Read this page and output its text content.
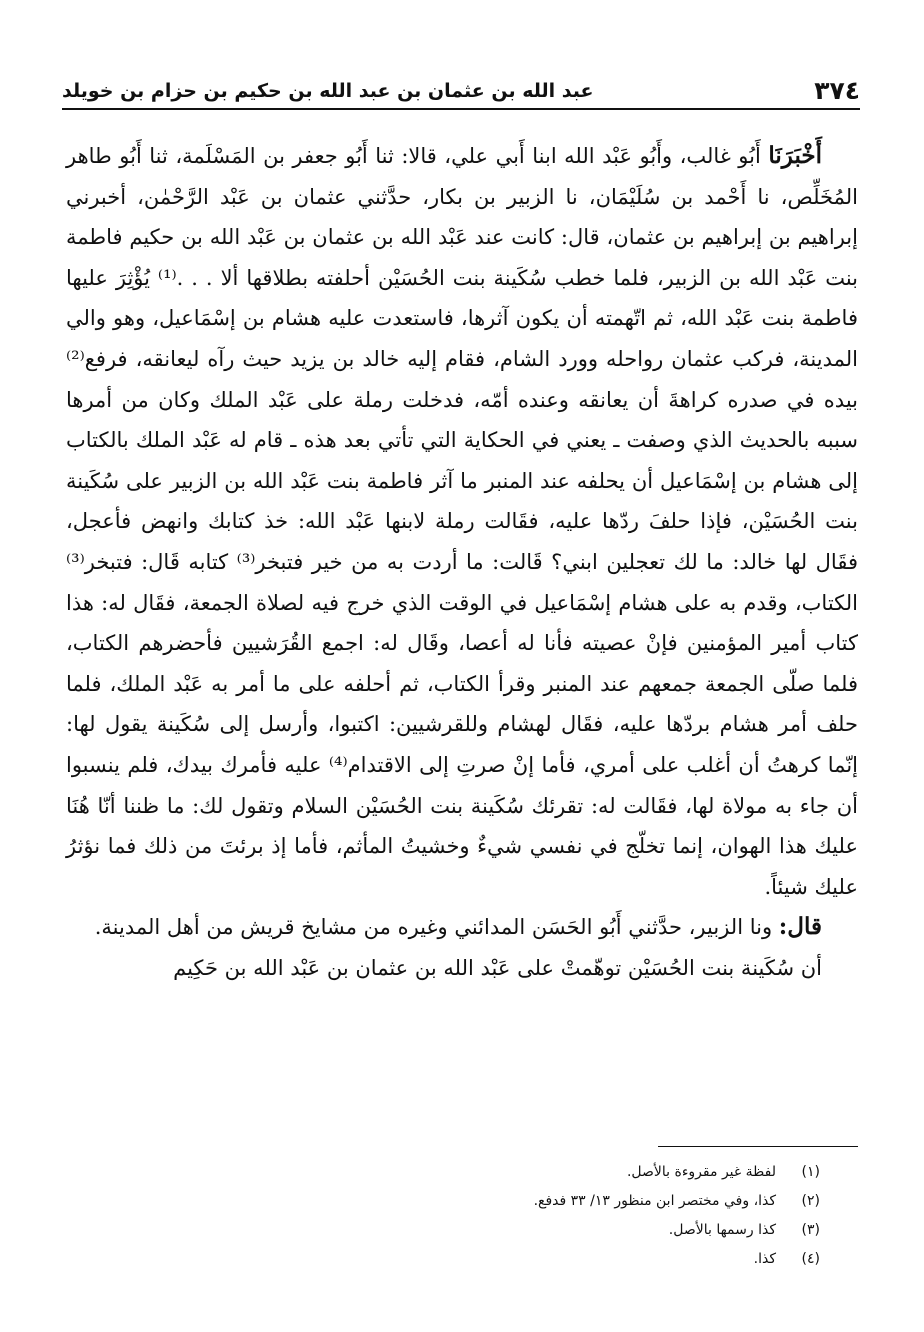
٣٧٤
عبد الله بن عثمان بن عبد الله بن حكيم بن حزام بن خويلد

أَخْبَرَنَا أَبُو غالب، وأَبُو عَبْد الله ابنا أَبي علي، قالا: ثنا أَبُو جعفر بن المَسْلَمة، ثنا أَبُو طاهر المُخَلِّص، نا أَحْمد بن سُلَيْمَان، نا الزبير بن بكار، حدَّثني عثمان بن عَبْد الرَّحْمٰن، أخبرني إبراهيم بن إبراهيم بن عثمان، قال: كانت عند عَبْد الله بن عثمان بن عَبْد الله بن حكيم فاطمة بنت عَبْد الله بن الزبير، فلما خطب سُكَينة بنت الحُسَيْن أحلفته بطلاقها ألا . . .⁽¹⁾ يُؤْثِرَ عليها فاطمة بنت عَبْد الله، ثم اتّهمته أن يكون آثرها، فاستعدت عليه هشام بن إسْمَاعيل، وهو والي المدينة، فركب عثمان رواحله وورد الشام، فقام إليه خالد بن يزيد حيث رآه ليعانقه، فرفع⁽²⁾ بيده في صدره كراهةَ أن يعانقه وعنده أمّه، فدخلت رملة على عَبْد الملك وكان من أمرها سببه بالحديث الذي وصفت ـ يعني في الحكاية التي تأتي بعد هذه ـ قام له عَبْد الملك بالكتاب إلى هشام بن إسْمَاعيل أن يحلفه عند المنبر ما آثر فاطمة بنت عَبْد الله بن الزبير على سُكَينة بنت الحُسَيْن، فإذا حلفَ ردّها عليه، فقَالت رملة لابنها عَبْد الله: خذ كتابك وانهض فأعجل، فقَال لها خالد: ما لك تعجلين ابني؟ قَالت: ما أردت به من خير فتبخر⁽³⁾ كتابه قَال: فتبخر⁽³⁾ الكتاب، وقدم به على هشام إسْمَاعيل في الوقت الذي خرج فيه لصلاة الجمعة، فقَال له: هذا كتاب أمير المؤمنين فإنْ عصيته فأنا له أعصا، وقَال له: اجمع القُرَشيين فأحضرهم الكتاب، فلما صلّى الجمعة جمعهم عند المنبر وقرأ الكتاب، ثم أحلفه على ما أمر به عَبْد الملك، فلما حلف أمر هشام بردّها عليه، فقَال لهشام وللقرشيين: اكتبوا، وأرسل إلى سُكَينة يقول لها: إنّما كرهتُ أن أغلب على أمري، فأما إنْ صرتِ إلى الاقتدام⁽⁴⁾ عليه فأمرك بيدك، فلم ينسبوا أن جاء به مولاة لها، فقَالت له: تقرئك سُكَينة بنت الحُسَيْن السلام وتقول لك: ما ظننا أنّا هُنَا عليك هذا الهوان، إنما تخلّج في نفسي شيءٌ وخشيتُ المأثم، فأما إذ برئتَ من ذلك فما نؤثرُ عليك شيئاً.

قال: ونا الزبير، حدَّثني أَبُو الحَسَن المدائني وغيره من مشايخ قريش من أهل المدينة.

أن سُكَينة بنت الحُسَيْن توهّمتْ على عَبْد الله بن عثمان بن عَبْد الله بن حَكِيم

(١)
لفظة غير مقروءة بالأصل.
(٢)
كذا، وفي مختصر ابن منظور ١٣/ ٣٣ فدفع.
(٣)
كذا رسمها بالأصل.
(٤)
كذا.
